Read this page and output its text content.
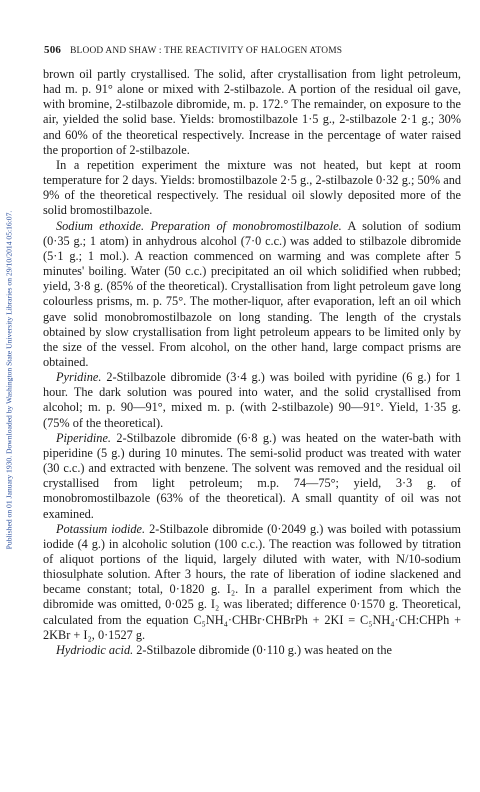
Published on 01 January 1930. Downloaded by Washington State University Libraries on 29/10/2014 05:16:07.
506 BLOOD AND SHAW : THE REACTIVITY OF HALOGEN ATOMS

brown oil partly crystallised. The solid, after crystallisation from light petroleum, had m. p. 91° alone or mixed with 2-stilbazole. A portion of the residual oil gave, with bromine, 2-stilbazole dibromide, m. p. 172.° The remainder, on exposure to the air, yielded the solid base. Yields: bromostilbazole 1·5 g., 2-stilbazole 2·1 g.; 30% and 60% of the theoretical respectively. Increase in the percentage of water raised the proportion of 2-stilbazole.

In a repetition experiment the mixture was not heated, but kept at room temperature for 2 days. Yields: bromostilbazole 2·5 g., 2-stilbazole 0·32 g.; 50% and 9% of the theoretical respectively. The residual oil slowly deposited more of the solid bromostilbazole.

Sodium ethoxide. Preparation of monobromostilbazole. A solution of sodium (0·35 g.; 1 atom) in anhydrous alcohol (7·0 c.c.) was added to stilbazole dibromide (5·1 g.; 1 mol.). A reaction commenced on warming and was complete after 5 minutes' boiling. Water (50 c.c.) precipitated an oil which solidified when rubbed; yield, 3·8 g. (85% of the theoretical). Crystallisation from light petroleum gave long colourless prisms, m. p. 75°. The mother-liquor, after evaporation, left an oil which gave solid monobromostilbazole on long standing. The length of the crystals obtained by slow crystallisation from light petroleum appears to be limited only by the size of the vessel. From alcohol, on the other hand, large compact prisms are obtained.

Pyridine. 2-Stilbazole dibromide (3·4 g.) was boiled with pyridine (6 g.) for 1 hour. The dark solution was poured into water, and the solid crystallised from alcohol; m. p. 90—91°, mixed m. p. (with 2-stilbazole) 90—91°. Yield, 1·35 g. (75% of the theoretical).

Piperidine. 2-Stilbazole dibromide (6·8 g.) was heated on the water-bath with piperidine (5 g.) during 10 minutes. The semi-solid product was treated with water (30 c.c.) and extracted with benzene. The solvent was removed and the residual oil crystallised from light petroleum; m.p. 74—75°; yield, 3·3 g. of monobromostilbazole (63% of the theoretical). A small quantity of oil was not examined.

Potassium iodide. 2-Stilbazole dibromide (0·2049 g.) was boiled with potassium iodide (4 g.) in alcoholic solution (100 c.c.). The reaction was followed by titration of aliquot portions of the liquid, largely diluted with water, with N/10-sodium thiosulphate solution. After 3 hours, the rate of liberation of iodine slackened and became constant; total, 0·1820 g. I₂. In a parallel experiment from which the dibromide was omitted, 0·025 g. I₂ was liberated; difference 0·1570 g. Theoretical, calculated from the equation C₅NH₄·CHBr·CHBrPh + 2KI = C₅NH₄·CH:CHPh + 2KBr + I₂, 0·1527 g.

Hydriodic acid. 2-Stilbazole dibromide (0·110 g.) was heated on the
